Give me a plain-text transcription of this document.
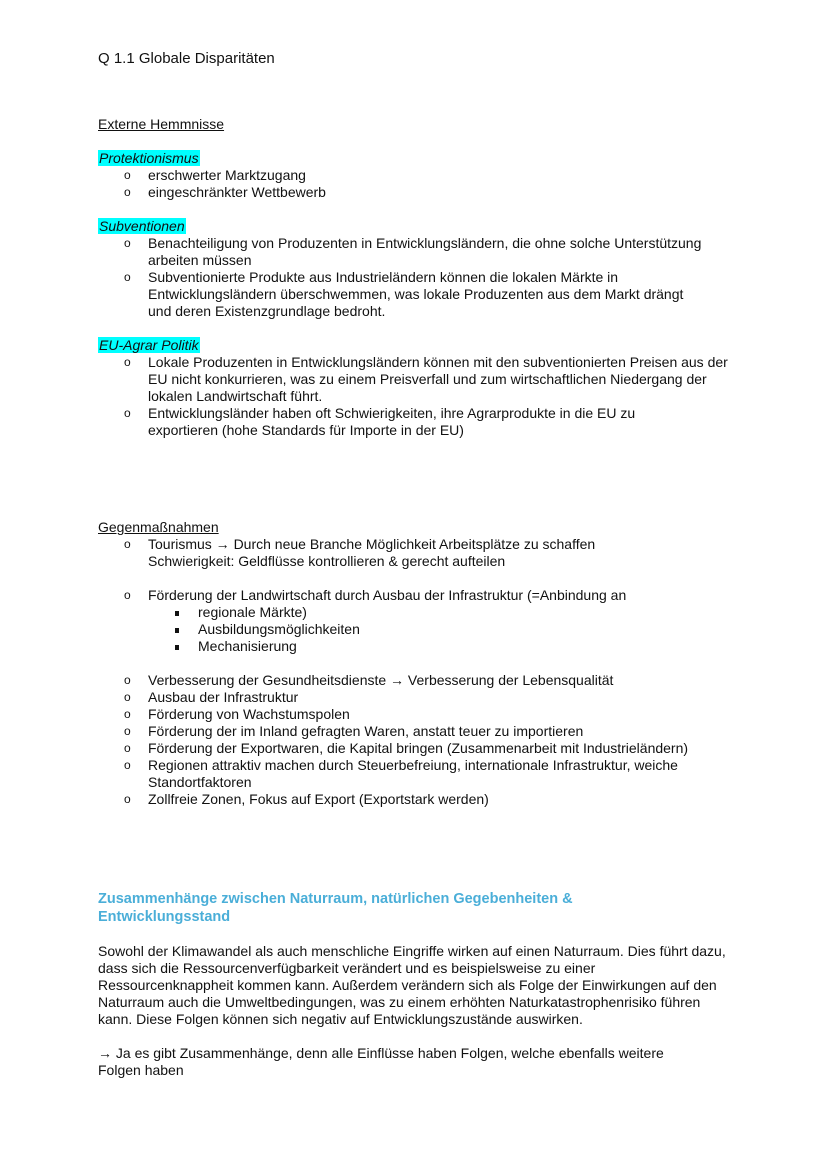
Q 1.1 Globale Disparitäten
Externe Hemmnisse
Protektionismus
o erschwerter Marktzugang
o eingeschränkter Wettbewerb
Subventionen
o Benachteiligung von Produzenten in Entwicklungsländern, die ohne solche Unterstützung arbeiten müssen
o Subventionierte Produkte aus Industrieländern können die lokalen Märkte in Entwicklungsländern überschwemmen, was lokale Produzenten aus dem Markt drängt und deren Existenzgrundlage bedroht.
EU-Agrar Politik
o Lokale Produzenten in Entwicklungsländern können mit den subventionierten Preisen aus der EU nicht konkurrieren, was zu einem Preisverfall und zum wirtschaftlichen Niedergang der lokalen Landwirtschaft führt.
o Entwicklungsländer haben oft Schwierigkeiten, ihre Agrarprodukte in die EU zu exportieren (hohe Standards für Importe in der EU)
Gegenmaßnahmen
o Tourismus → Durch neue Branche Möglichkeit Arbeitsplätze zu schaffen
Schwierigkeit: Geldflüsse kontrollieren & gerecht aufteilen
o Förderung der Landwirtschaft durch Ausbau der Infrastruktur (=Anbindung an
regionale Märkte)
Ausbildungsmöglichkeiten
Mechanisierung
o Verbesserung der Gesundheitsdienste → Verbesserung der Lebensqualität
o Ausbau der Infrastruktur
o Förderung von Wachstumspolen
o Förderung der im Inland gefragten Waren, anstatt teuer zu importieren
o Förderung der Exportwaren, die Kapital bringen (Zusammenarbeit mit Industrieländern)
o Regionen attraktiv machen durch Steuerbefreiung, internationale Infrastruktur, weiche Standortfaktoren
o Zollfreie Zonen, Fokus auf Export (Exportstark werden)
Zusammenhänge zwischen Naturraum, natürlichen Gegebenheiten & Entwicklungsstand

Sowohl der Klimawandel als auch menschliche Eingriffe wirken auf einen Naturraum. Dies führt dazu, dass sich die Ressourcenverfügbarkeit verändert und es beispielsweise zu einer Ressourcenknappheit kommen kann. Außerdem verändern sich als Folge der Einwirkungen auf den Naturraum auch die Umweltbedingungen, was zu einem erhöhten Naturkatastrophenrisiko führen kann. Diese Folgen können sich negativ auf Entwicklungszustände auswirken.

→ Ja es gibt Zusammenhänge, denn alle Einflüsse haben Folgen, welche ebenfalls weitere Folgen haben
